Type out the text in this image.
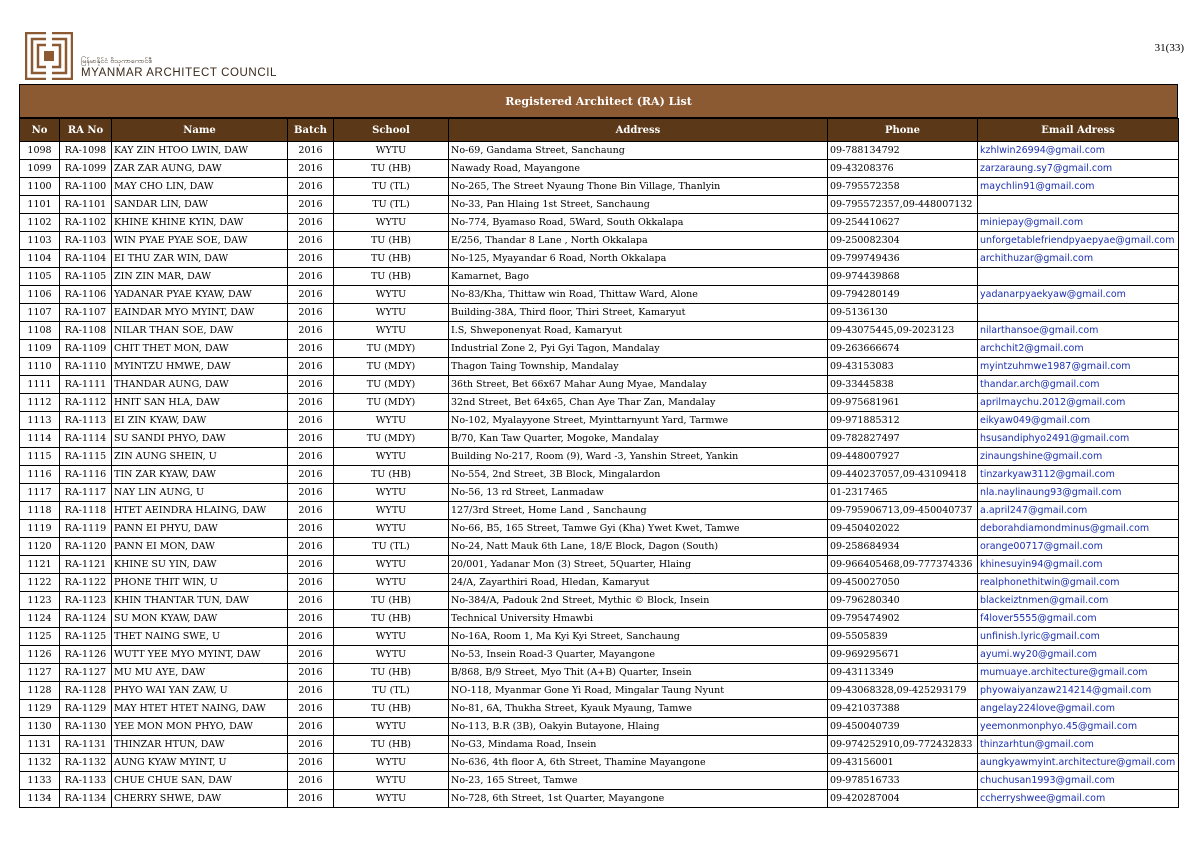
မြန်မာနိုင်ငံ ဗိသုကာကောင်စီ
MYANMAR ARCHITECT COUNCIL
31(33)
Registered Architect (RA) List
No	RA No	Name	Batch	School	Address	Phone	Email Adress
1098	RA-1098	KAY ZIN HTOO LWIN, DAW	2016	WYTU	No-69, Gandama Street, Sanchaung	09-788134792	kzhlwin26994@gmail.com
1099	RA-1099	ZAR ZAR AUNG, DAW	2016	TU (HB)	Nawady Road, Mayangone	09-43208376	zarzaraung.sy7@gmail.com
1100	RA-1100	MAY CHO LIN, DAW	2016	TU (TL)	No-265, The Street Nyaung Thone Bin Village, Thanlyin	09-795572358	maychlin91@gmail.com
1101	RA-1101	SANDAR LIN, DAW	2016	TU (TL)	No-33, Pan Hlaing 1st Street, Sanchaung	09-795572357,09-448007132	
1102	RA-1102	KHINE KHINE KYIN, DAW	2016	WYTU	No-774, Byamaso Road, 5Ward, South Okkalapa	09-254410627	miniepay@gmail.com
1103	RA-1103	WIN PYAE PYAE SOE, DAW	2016	TU (HB)	E/256, Thandar 8 Lane , North Okkalapa	09-250082304	unforgetablefriendpyaepyae@gmail.com
1104	RA-1104	EI THU ZAR WIN, DAW	2016	TU (HB)	No-125, Myayandar 6 Road, North Okkalapa	09-799749436	archithuzar@gmail.com
1105	RA-1105	ZIN ZIN MAR, DAW	2016	TU (HB)	Kamarnet, Bago	09-974439868	
1106	RA-1106	YADANAR PYAE KYAW, DAW	2016	WYTU	No-83/Kha, Thittaw win Road, Thittaw Ward, Alone	09-794280149	yadanarpyaekyaw@gmail.com
1107	RA-1107	EAINDAR MYO MYINT, DAW	2016	WYTU	Building-38A, Third floor, Thiri Street, Kamaryut	09-5136130	
1108	RA-1108	NILAR THAN SOE, DAW	2016	WYTU	I.S, Shweponenyat Road, Kamaryut	09-43075445,09-2023123	nilarthansoe@gmail.com
1109	RA-1109	CHIT THET MON, DAW	2016	TU (MDY)	Industrial Zone 2, Pyi Gyi Tagon, Mandalay	09-263666674	archchit2@gmail.com
1110	RA-1110	MYINTZU HMWE, DAW	2016	TU (MDY)	Thagon Taing Township, Mandalay	09-43153083	myintzuhmwe1987@gmail.com
1111	RA-1111	THANDAR AUNG, DAW	2016	TU (MDY)	36th Street, Bet 66x67 Mahar Aung Myae, Mandalay	09-33445838	thandar.arch@gmail.com
1112	RA-1112	HNIT SAN HLA, DAW	2016	TU (MDY)	32nd Street, Bet 64x65, Chan Aye Thar Zan, Mandalay	09-975681961	aprilmaychu.2012@gmail.com
1113	RA-1113	EI ZIN KYAW, DAW	2016	WYTU	No-102, Myalayyone Street, Myinttarnyunt Yard, Tarmwe	09-971885312	eikyaw049@gmail.com
1114	RA-1114	SU SANDI PHYO, DAW	2016	TU (MDY)	B/70, Kan Taw Quarter, Mogoke, Mandalay	09-782827497	hsusandiphyo2491@gmail.com
1115	RA-1115	ZIN AUNG SHEIN, U	2016	WYTU	Building No-217, Room (9), Ward -3, Yanshin Street, Yankin	09-448007927	zinaungshine@gmail.com
1116	RA-1116	TIN ZAR KYAW, DAW	2016	TU (HB)	No-554, 2nd Street, 3B Block, Mingalardon	09-440237057,09-43109418	tinzarkyaw3112@gmail.com
1117	RA-1117	NAY LIN AUNG, U	2016	WYTU	No-56, 13 rd Street, Lanmadaw	01-2317465	nla.naylinaung93@gmail.com
1118	RA-1118	HTET AEINDRA HLAING, DAW	2016	WYTU	127/3rd Street, Home Land , Sanchaung	09-795906713,09-450040737	a.april247@gmail.com
1119	RA-1119	PANN EI PHYU, DAW	2016	WYTU	No-66, B5, 165 Street, Tamwe Gyi (Kha) Ywet Kwet, Tamwe	09-450402022	deborahdiamondminus@gmail.com
1120	RA-1120	PANN EI MON, DAW	2016	TU (TL)	No-24, Natt Mauk 6th Lane, 18/E Block, Dagon (South)	09-258684934	orange00717@gmail.com
1121	RA-1121	KHINE SU YIN, DAW	2016	WYTU	20/001, Yadanar Mon (3) Street, 5Quarter, Hlaing	09-966405468,09-777374336	khinesuyin94@gmail.com
1122	RA-1122	PHONE THIT WIN, U	2016	WYTU	24/A, Zayarthiri Road, Hledan, Kamaryut	09-450027050	realphonethitwin@gmail.com
1123	RA-1123	KHIN THANTAR TUN, DAW	2016	TU (HB)	No-384/A, Padouk 2nd Street, Mythic © Block, Insein	09-796280340	blackeiztnmen@gmail.com
1124	RA-1124	SU MON KYAW, DAW	2016	TU (HB)	Technical University Hmawbi	09-795474902	f4lover5555@gmail.com
1125	RA-1125	THET NAING SWE, U	2016	WYTU	No-16A, Room 1, Ma Kyi Kyi Street, Sanchaung	09-5505839	unfinish.lyric@gmail.com
1126	RA-1126	WUTT YEE MYO MYINT, DAW	2016	WYTU	No-53, Insein Road-3 Quarter, Mayangone	09-969295671	ayumi.wy20@gmail.com
1127	RA-1127	MU MU AYE, DAW	2016	TU (HB)	B/868, B/9 Street, Myo Thit (A+B) Quarter, Insein	09-43113349	mumuaye.architecture@gmail.com
1128	RA-1128	PHYO WAI YAN ZAW, U	2016	TU (TL)	NO-118, Myanmar Gone Yi Road, Mingalar Taung Nyunt	09-43068328,09-425293179	phyowaiyanzaw214214@gmail.com
1129	RA-1129	MAY HTET HTET NAING, DAW	2016	TU (HB)	No-81, 6A, Thukha Street, Kyauk Myaung, Tamwe	09-421037388	angelay224love@gmail.com
1130	RA-1130	YEE MON MON PHYO, DAW	2016	WYTU	No-113, B.R (3B), Oakyin Butayone, Hlaing	09-450040739	yeemonmonphyo.45@gmail.com
1131	RA-1131	THINZAR HTUN, DAW	2016	TU (HB)	No-G3, Mindama Road, Insein	09-974252910,09-772432833	thinzarhtun@gmail.com
1132	RA-1132	AUNG KYAW MYINT, U	2016	WYTU	No-636, 4th floor A, 6th Street, Thamine Mayangone	09-43156001	aungkyawmyint.architecture@gmail.com
1133	RA-1133	CHUE CHUE SAN, DAW	2016	WYTU	No-23, 165 Street, Tamwe	09-978516733	chuchusan1993@gmail.com
1134	RA-1134	CHERRY SHWE, DAW	2016	WYTU	No-728, 6th Street, 1st Quarter, Mayangone	09-420287004	ccherryshwee@gmail.com
